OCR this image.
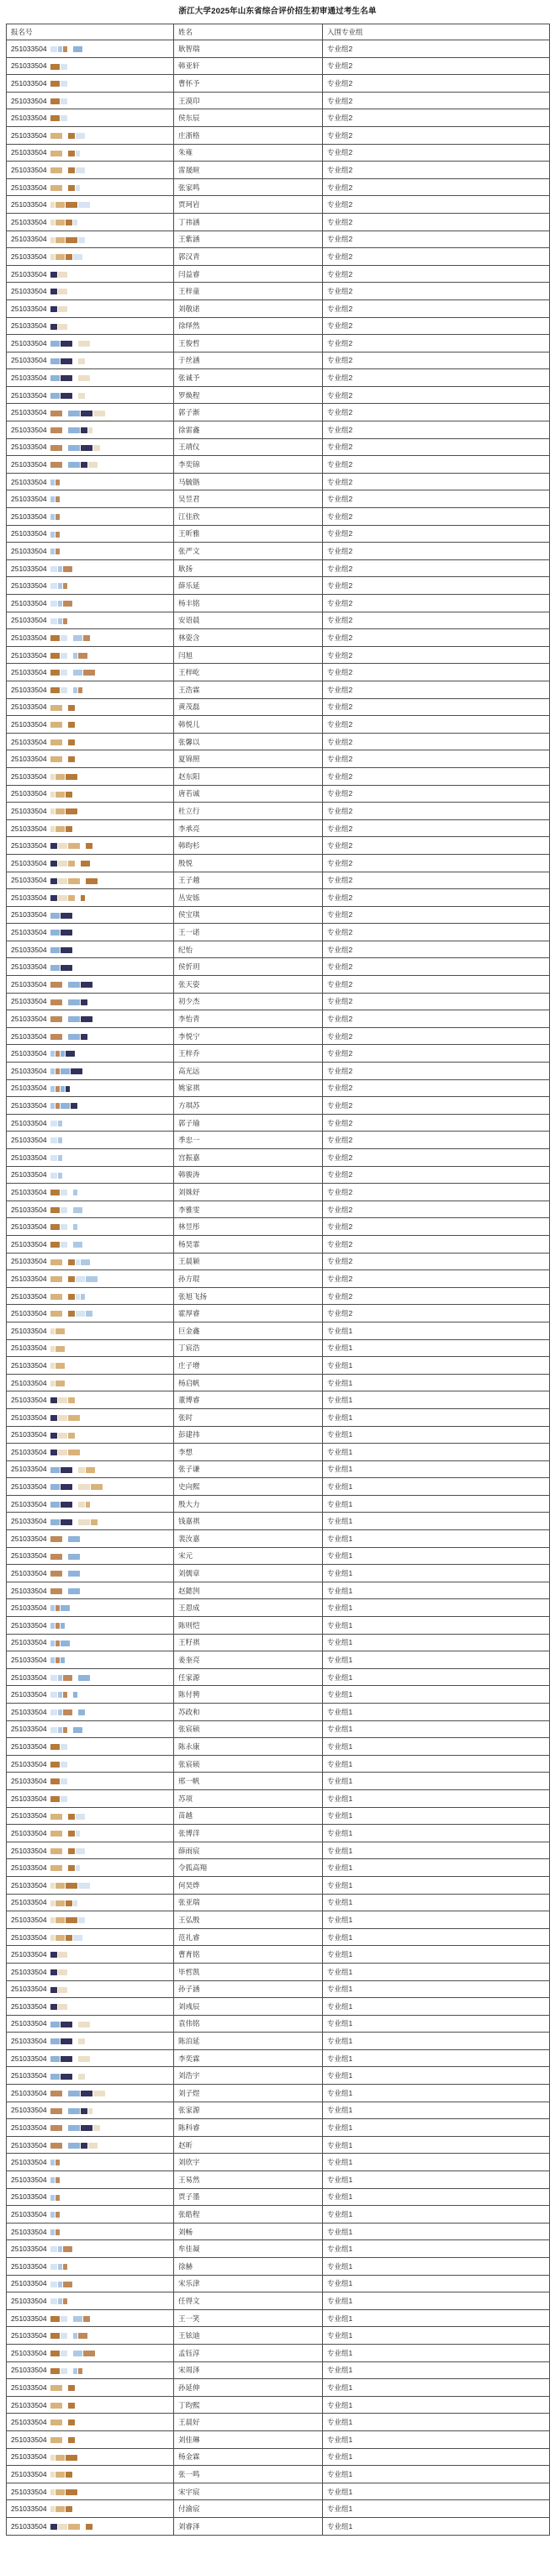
浙江大学2025年山东省综合评价招生初审通过考生名单
报名号	姓名	入围专业组
251033504	耿智瑞	专业组2
251033504	韩亚轩	专业组2
251033504	曹怀予	专业组2
251033504	王漠印	专业组2
251033504	侯东辰	专业组2
251033504	庄浙格	专业组2
251033504	朱雍	专业组2
251033504	雷晟暄	专业组2
251033504	张家鸣	专业组2
251033504	贾珂岩	专业组2
251033504	丁祎涵	专业组2
251033504	王紫涵	专业组2
251033504	郭汉青	专业组2
251033504	闫益睿	专业组2
251033504	王梓童	专业组2
251033504	刘敬诺	专业组2
251033504	徐绎然	专业组2
251033504	王俊哲	专业组2
251033504	于丝涵	专业组2
251033504	张诚予	专业组2
251033504	罗焕程	专业组2
251033504	郭子渐	专业组2
251033504	徐雷鑫	专业组2
251033504	王靖仪	专业组2
251033504	李奕锦	专业组2
251033504	马毓锴	专业组2
251033504	吴昱君	专业组2
251033504	江佳欣	专业组2
251033504	王昕雅	专业组2
251033504	张严文	专业组2
251033504	耿扬	专业组2
251033504	薛乐延	专业组2
251033504	杨丰铭	专业组2
251033504	安语晨	专业组2
251033504	林姿含	专业组2
251033504	闫旭	专业组2
251033504	王梓屹	专业组2
251033504	王浩霖	专业组2
251033504	黄茂磊	专业组2
251033504	韩悦儿	专业组2
251033504	张馨以	专业组2
251033504	夏锦照	专业组2
251033504	赵东阳	专业组2
251033504	唐若诚	专业组2
251033504	杜立行	专业组2
251033504	李承亮	专业组2
251033504	韩昀杉	专业组2
251033504	殷悦	专业组2
251033504	王子越	专业组2
251033504	丛安铄	专业组2
251033504	侯宝琪	专业组2
251033504	王一诺	专业组2
251033504	纪怡	专业组2
251033504	侯忻玥	专业组2
251033504	张天姿	专业组2
251033504	初少杰	专业组2
251033504	李怡青	专业组2
251033504	李悦宁	专业组2
251033504	王梓乔	专业组2
251033504	高光远	专业组2
251033504	姚家祺	专业组2
251033504	方琪苏	专业组2
251033504	郭子瑜	专业组2
251033504	季忠一	专业组2
251033504	宫振嘉	专业组2
251033504	韩骏涛	专业组2
251033504	刘姝妤	专业组2
251033504	李雅雯	专业组2
251033504	林昱彤	专业组2
251033504	杨昊霏	专业组2
251033504	王晨颖	专业组2
251033504	孙方琨	专业组2
251033504	张旭飞扬	专业组2
251033504	霍厚睿	专业组2
251033504	巨金鑫	专业组1
251033504	丁宸浩	专业组1
251033504	庄子增	专业组1
251033504	杨启帆	专业组1
251033504	董博睿	专业组1
251033504	张时	专业组1
251033504	彭建祎	专业组1
251033504	李想	专业组1
251033504	张子谦	专业组1
251033504	史向熙	专业组1
251033504	殷大力	专业组1
251033504	钱嘉祺	专业组1
251033504	裴汝嘉	专业组1
251033504	宋元	专业组1
251033504	刘儒章	专业组1
251033504	赵懿剀	专业组1
251033504	王恩成	专业组1
251033504	陈则恺	专业组1
251033504	王籽祺	专业组1
251033504	姜奎亮	专业组1
251033504	任家源	专业组1
251033504	陈付骋	专业组1
251033504	苏政和	专业组1
251033504	张宸硕	专业组1
251033504	陈永康	专业组1
251033504	张宸硕	专业组1
251033504	邢一帆	专业组1
251033504	苏项	专业组1
251033504	苗越	专业组1
251033504	张博洋	专业组1
251033504	薛雨宸	专业组1
251033504	令狐高翔	专业组1
251033504	何昊烨	专业组1
251033504	张亚瑞	专业组1
251033504	王弘殷	专业组1
251033504	范礼睿	专业组1
251033504	曹育铭	专业组1
251033504	毕哲凯	专业组1
251033504	孙子涵	专业组1
251033504	刘彧辰	专业组1
251033504	袁伟铭	专业组1
251033504	陈泊延	专业组1
251033504	李奕霖	专业组1
251033504	刘浩宇	专业组1
251033504	刘子煜	专业组1
251033504	张家源	专业组1
251033504	陈科睿	专业组1
251033504	赵昕	专业组1
251033504	刘欣宇	专业组1
251033504	王易然	专业组1
251033504	贾子墨	专业组1
251033504	张皓程	专业组1
251033504	刘畅	专业组1
251033504	牟佳凝	专业组1
251033504	徐赫	专业组1
251033504	宋乐津	专业组1
251033504	任得文	专业组1
251033504	王一笑	专业组1
251033504	王铉迪	专业组1
251033504	孟钰淳	专业组1
251033504	宋周泽	专业组1
251033504	孙延伸	专业组1
251033504	丁昀熙	专业组1
251033504	王晨好	专业组1
251033504	刘佳琳	专业组1
251033504	杨金霖	专业组1
251033504	张一鸣	专业组1
251033504	宋宇宸	专业组1
251033504	付渝宸	专业组1
251033504	刘睿泽	专业组1
